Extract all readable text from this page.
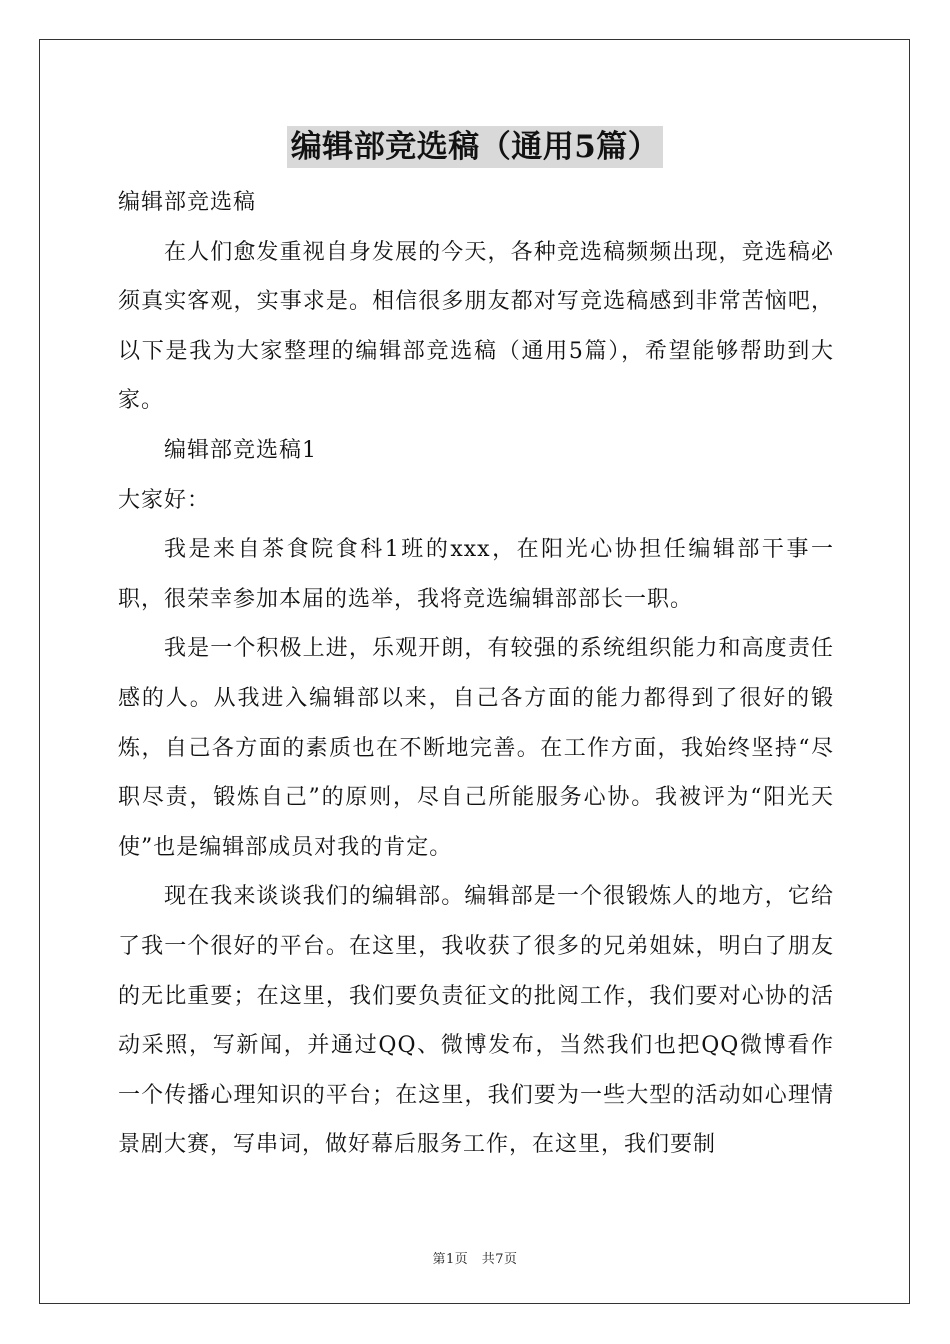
编辑部竞选稿（通用5篇）

编辑部竞选稿

在人们愈发重视自身发展的今天，各种竞选稿频频出现，竞选稿必须真实客观，实事求是。相信很多朋友都对写竞选稿感到非常苦恼吧，以下是我为大家整理的编辑部竞选稿（通用5篇），希望能够帮助到大家。

编辑部竞选稿1

大家好：

我是来自茶食院食科1班的xxx，在阳光心协担任编辑部干事一职，很荣幸参加本届的选举，我将竞选编辑部部长一职。

我是一个积极上进，乐观开朗，有较强的系统组织能力和高度责任感的人。从我进入编辑部以来，自己各方面的能力都得到了很好的锻炼，自己各方面的素质也在不断地完善。在工作方面，我始终坚持“尽职尽责，锻炼自己”的原则，尽自己所能服务心协。我被评为“阳光天使”也是编辑部成员对我的肯定。

现在我来谈谈我们的编辑部。编辑部是一个很锻炼人的地方，它给了我一个很好的平台。在这里，我收获了很多的兄弟姐妹，明白了朋友的无比重要；在这里，我们要负责征文的批阅工作，我们要对心协的活动采照，写新闻，并通过QQ、微博发布，当然我们也把QQ微博看作一个传播心理知识的平台；在这里，我们要为一些大型的活动如心理情景剧大赛，写串词，做好幕后服务工作，在这里，我们要制

第1页　共7页
